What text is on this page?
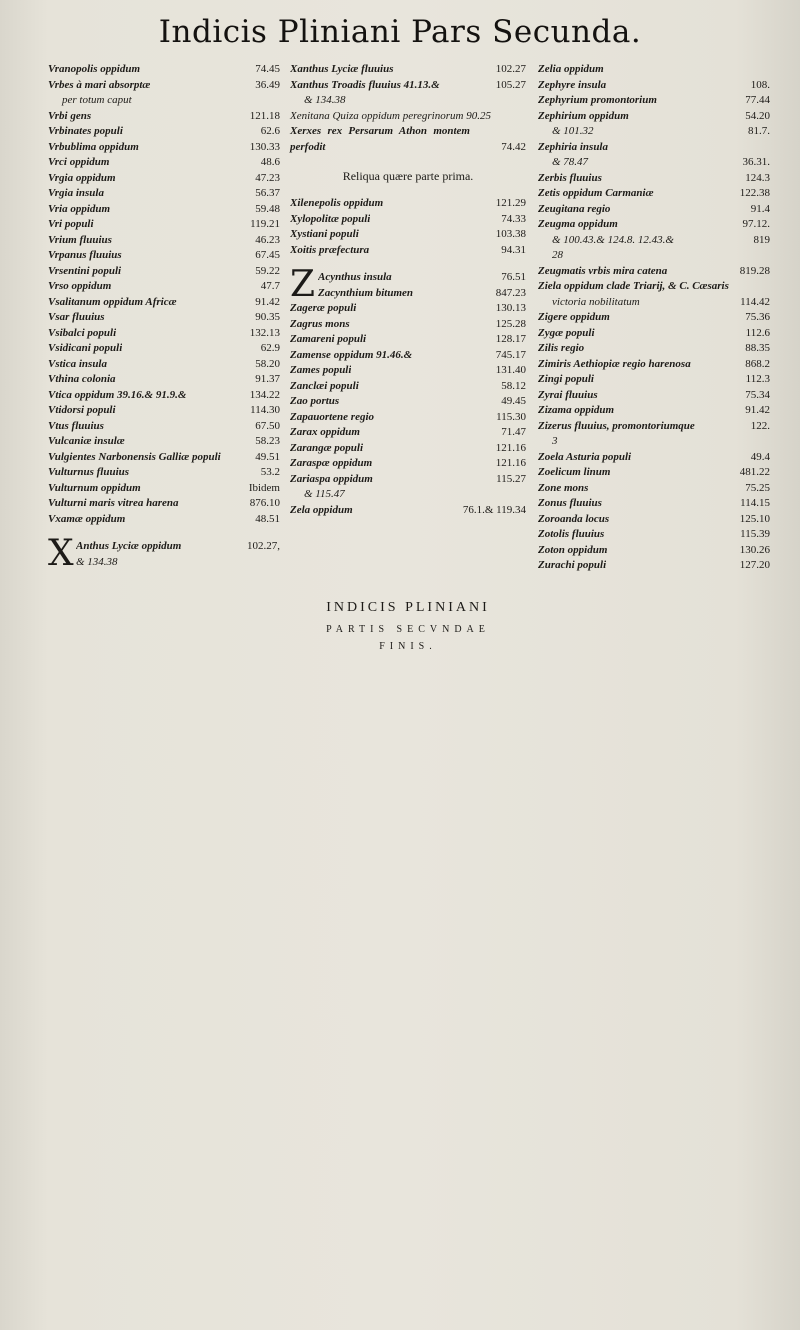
Indicis Pliniani Pars Secunda.
Vranopolis oppidum	74.45
Vrbes à mari absorptæ	36.49
per totum caput
Vrbi gens	121.18
Vrbinates populi	62.6
Vrbublima oppidum	130.33
Vrci oppidum	48.6
Vrgia oppidum	47.23
Vrgia insula	56.37
Vria oppidum	59.48
Vri populi	119.21
Vrium fluuius	46.23
Vrpanus fluuius	67.45
Vrsentini populi	59.22
Vrso oppidum	47.7
Vsalitanum oppidum Africæ	91.42
Vsar fluuius	90.35
Vsibalci populi	132.13
Vsidicani populi	62.9
Vstica insula	58.20
Vthina colonia	91.37
Vtica oppidum 39.16.& 91.9.&	134.22
Vtidorsi populi	114.30
Vtus fluuius	67.50
Vulcaniæ insulæ	58.23
Vulgientes Narbonensis Galliæ populi	49.51
Vulturnus fluuius	53.2
Vulturnum oppidum	Ibidem
Vulturni maris vitrea harena	876.10
Vxamæ oppidum	48.51
X Anthus Lyciæ oppidum	102.27,
& 134.38
Xanthus Lyciæ fluuius	102.27
Xanthus Troadis fluuius 41.13.&	105.27
& 134.38
Xenitana Quiza oppidum peregrinorum 90.25
Xerxes rex Persarum Athon montem perfodit	74.42
Reliqua quære parte prima.
Xilenepolis oppidum	121.29
Xylopolitæ populi	74.33
Xystiani populi	103.38
Xoitis præfectura	94.31
Z Acynthus insula	76.51
Zacynthium bitumen	847.23
Zageræ populi	130.13
Zagrus mons	125.28
Zamareni populi	128.17
Zamense oppidum 91.46.&	745.17
Zames populi	131.40
Zanclæi populi	58.12
Zao portus	49.45
Zapauortene regio	115.30
Zarax oppidum	71.47
Zarangæ populi	121.16
Zaraspæ oppidum	121.16
Zariaspa oppidum	115.27
& 115.47
Zela oppidum	76.1.& 119.34
Zelia oppidum
Zephyre insula	108.
Zephyrium promontorium	77.44
Zephirium oppidum	54.20
& 101.32	81.7.
Zephiria insula
& 78.47	36.31.
Zerbis fluuius	124.3
Zetis oppidum Carmaniæ	122.38
Zeugitana regio	91.4
Zeugma oppidum	97.12.
& 100.43.& 124.8. 12.43.&	819
28
Zeugmatis vrbis mira catena	819.28
Ziela oppidum clade Triarij, & C. Cæsaris
victoria nobilitatum	114.42
Zigere oppidum	75.36
Zygæ populi	112.6
Zilis regio	88.35
Zimiris Aethiopiæ regio harenosa	868.2
Zingi populi	112.3
Zyrai fluuius	75.34
Zizama oppidum	91.42
Zizerus fluuius, promontoriumque	122.
3
Zoela Asturia populi	49.4
Zoelicum linum	481.22
Zone mons	75.25
Zonus fluuius	114.15
Zoroanda locus	125.10
Zotolis fluuius	115.39
Zoton oppidum	130.26
Zurachi populi	127.20
INDICIS PLINIANI
PARTIS SECVNDAE
FINIS.
